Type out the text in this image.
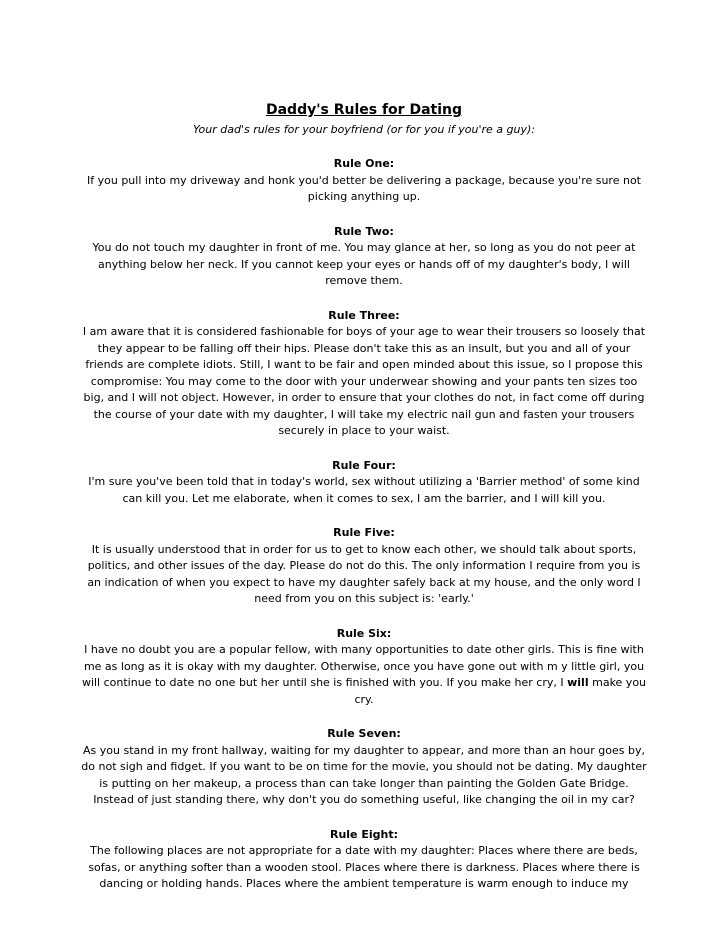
Daddy's Rules for Dating

Your dad's rules for your boyfriend (or for you if you're a guy):

Rule One:

If you pull into my driveway and honk you'd better be delivering a package, because you're sure not picking anything up.

Rule Two:

You do not touch my daughter in front of me. You may glance at her, so long as you do not peer at anything below her neck. If you cannot keep your eyes or hands off of my daughter's body, I will remove them.

Rule Three:

I am aware that it is considered fashionable for boys of your age to wear their trousers so loosely that they appear to be falling off their hips. Please don't take this as an insult, but you and all of your friends are complete idiots. Still, I want to be fair and open minded about this issue, so I propose this compromise: You may come to the door with your underwear showing and your pants ten sizes too big, and I will not object. However, in order to ensure that your clothes do not, in fact come off during the course of your date with my daughter, I will take my electric nail gun and fasten your trousers securely in place to your waist.

Rule Four:

I'm sure you've been told that in today's world, sex without utilizing a 'Barrier method' of some kind can kill you. Let me elaborate, when it comes to sex, I am the barrier, and I will kill you.

Rule Five:

It is usually understood that in order for us to get to know each other, we should talk about sports, politics, and other issues of the day. Please do not do this. The only information I require from you is an indication of when you expect to have my daughter safely back at my house, and the only word I need from you on this subject is: 'early.'

Rule Six:

I have no doubt you are a popular fellow, with many opportunities to date other girls. This is fine with me as long as it is okay with my daughter. Otherwise, once you have gone out with m y little girl, you will continue to date no one but her until she is finished with you. If you make her cry, I will make you cry.

Rule Seven:

As you stand in my front hallway, waiting for my daughter to appear, and more than an hour goes by, do not sigh and fidget. If you want to be on time for the movie, you should not be dating. My daughter is putting on her makeup, a process than can take longer than painting the Golden Gate Bridge. Instead of just standing there, why don't you do something useful, like changing the oil in my car?

Rule Eight:

The following places are not appropriate for a date with my daughter: Places where there are beds, sofas, or anything softer than a wooden stool. Places where there is darkness. Places where there is dancing or holding hands. Places where the ambient temperature is warm enough to induce my
